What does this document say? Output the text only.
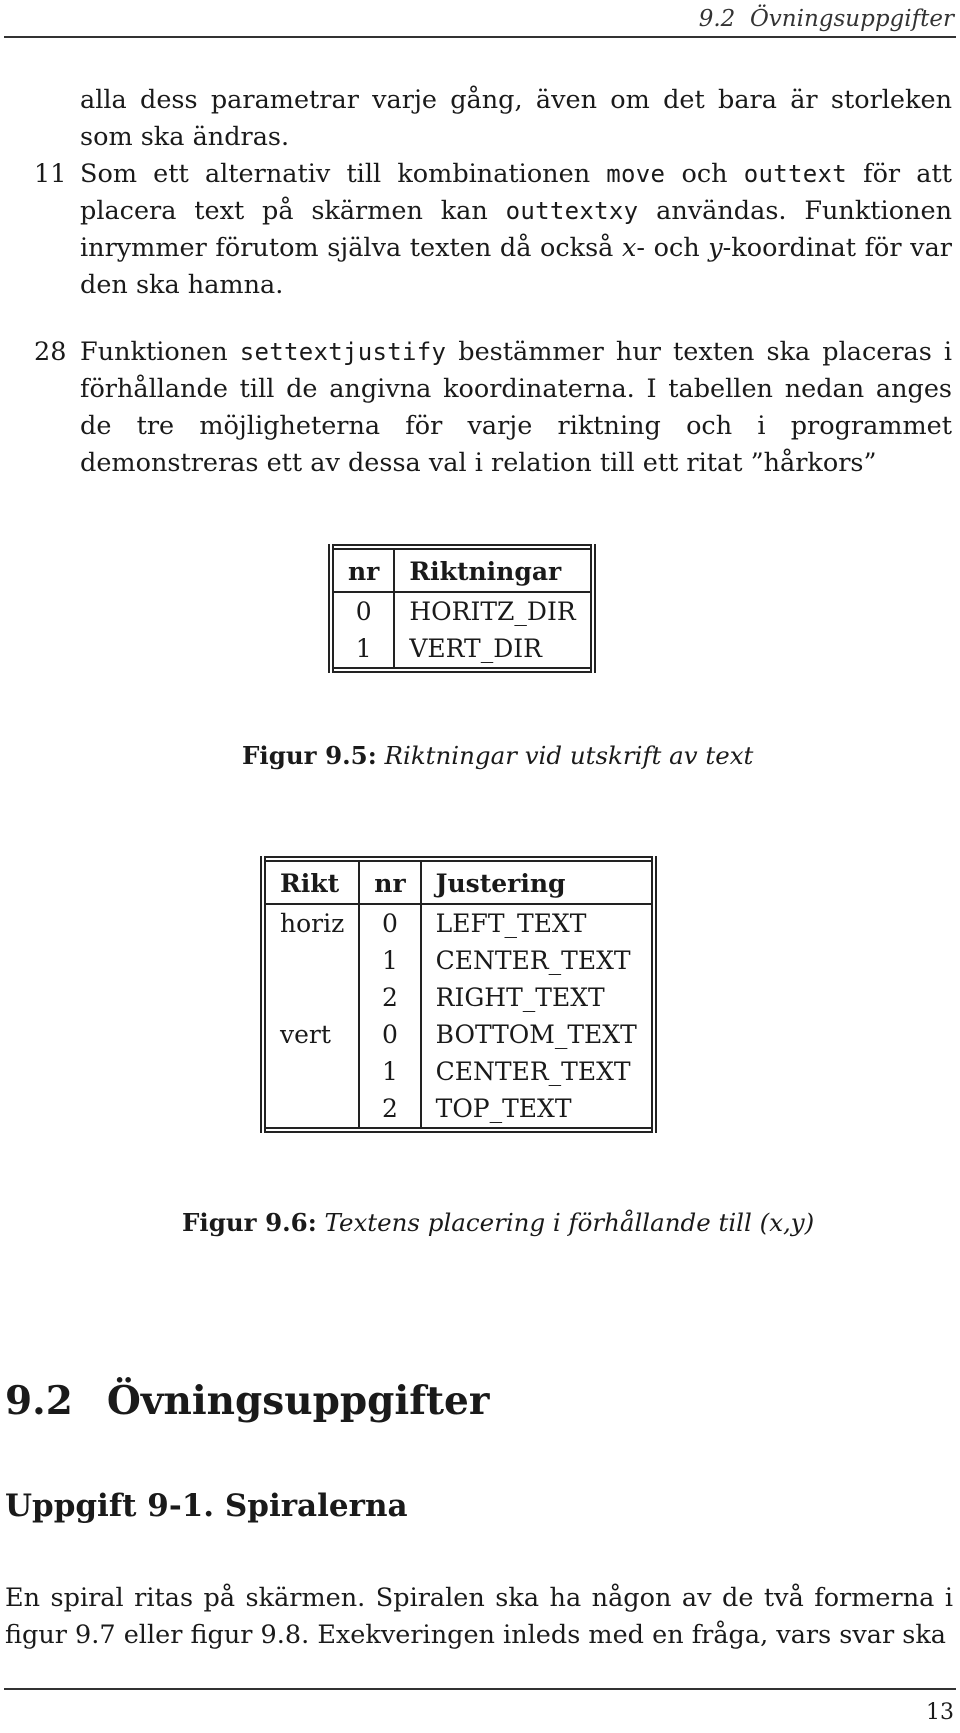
9.2 Övningsuppgifter

alla dess parametrar varje gång, även om det bara är storleken som ska ändras.

11 Som ett alternativ till kombinationen move och outtext för att placera text på skärmen kan outtextxy användas. Funktionen inrymmer förutom själva texten då också x- och y-koordinat för var den ska hamna.

28 Funktionen settextjustify bestämmer hur texten ska placeras i förhållande till de angivna koordinaterna. I tabellen nedan anges de tre möjligheterna för varje riktning och i programmet demonstreras ett av dessa val i relation till ett ritat ”hårkors”

nr	Riktningar
0	HORITZ_DIR
1	VERT_DIR
Figur 9.5: Riktningar vid utskrift av text
Rikt	nr	Justering
horiz	0	LEFT_TEXT
	1	CENTER_TEXT
	2	RIGHT_TEXT
vert	0	BOTTOM_TEXT
	1	CENTER_TEXT
	2	TOP_TEXT
Figur 9.6: Textens placering i förhållande till (x,y)
9.2 Övningsuppgifter
Uppgift 9-1. Spiralerna

En spiral ritas på skärmen. Spiralen ska ha någon av de två formerna i figur 9.7 eller figur 9.8. Exekveringen inleds med en fråga, vars svar ska

13
